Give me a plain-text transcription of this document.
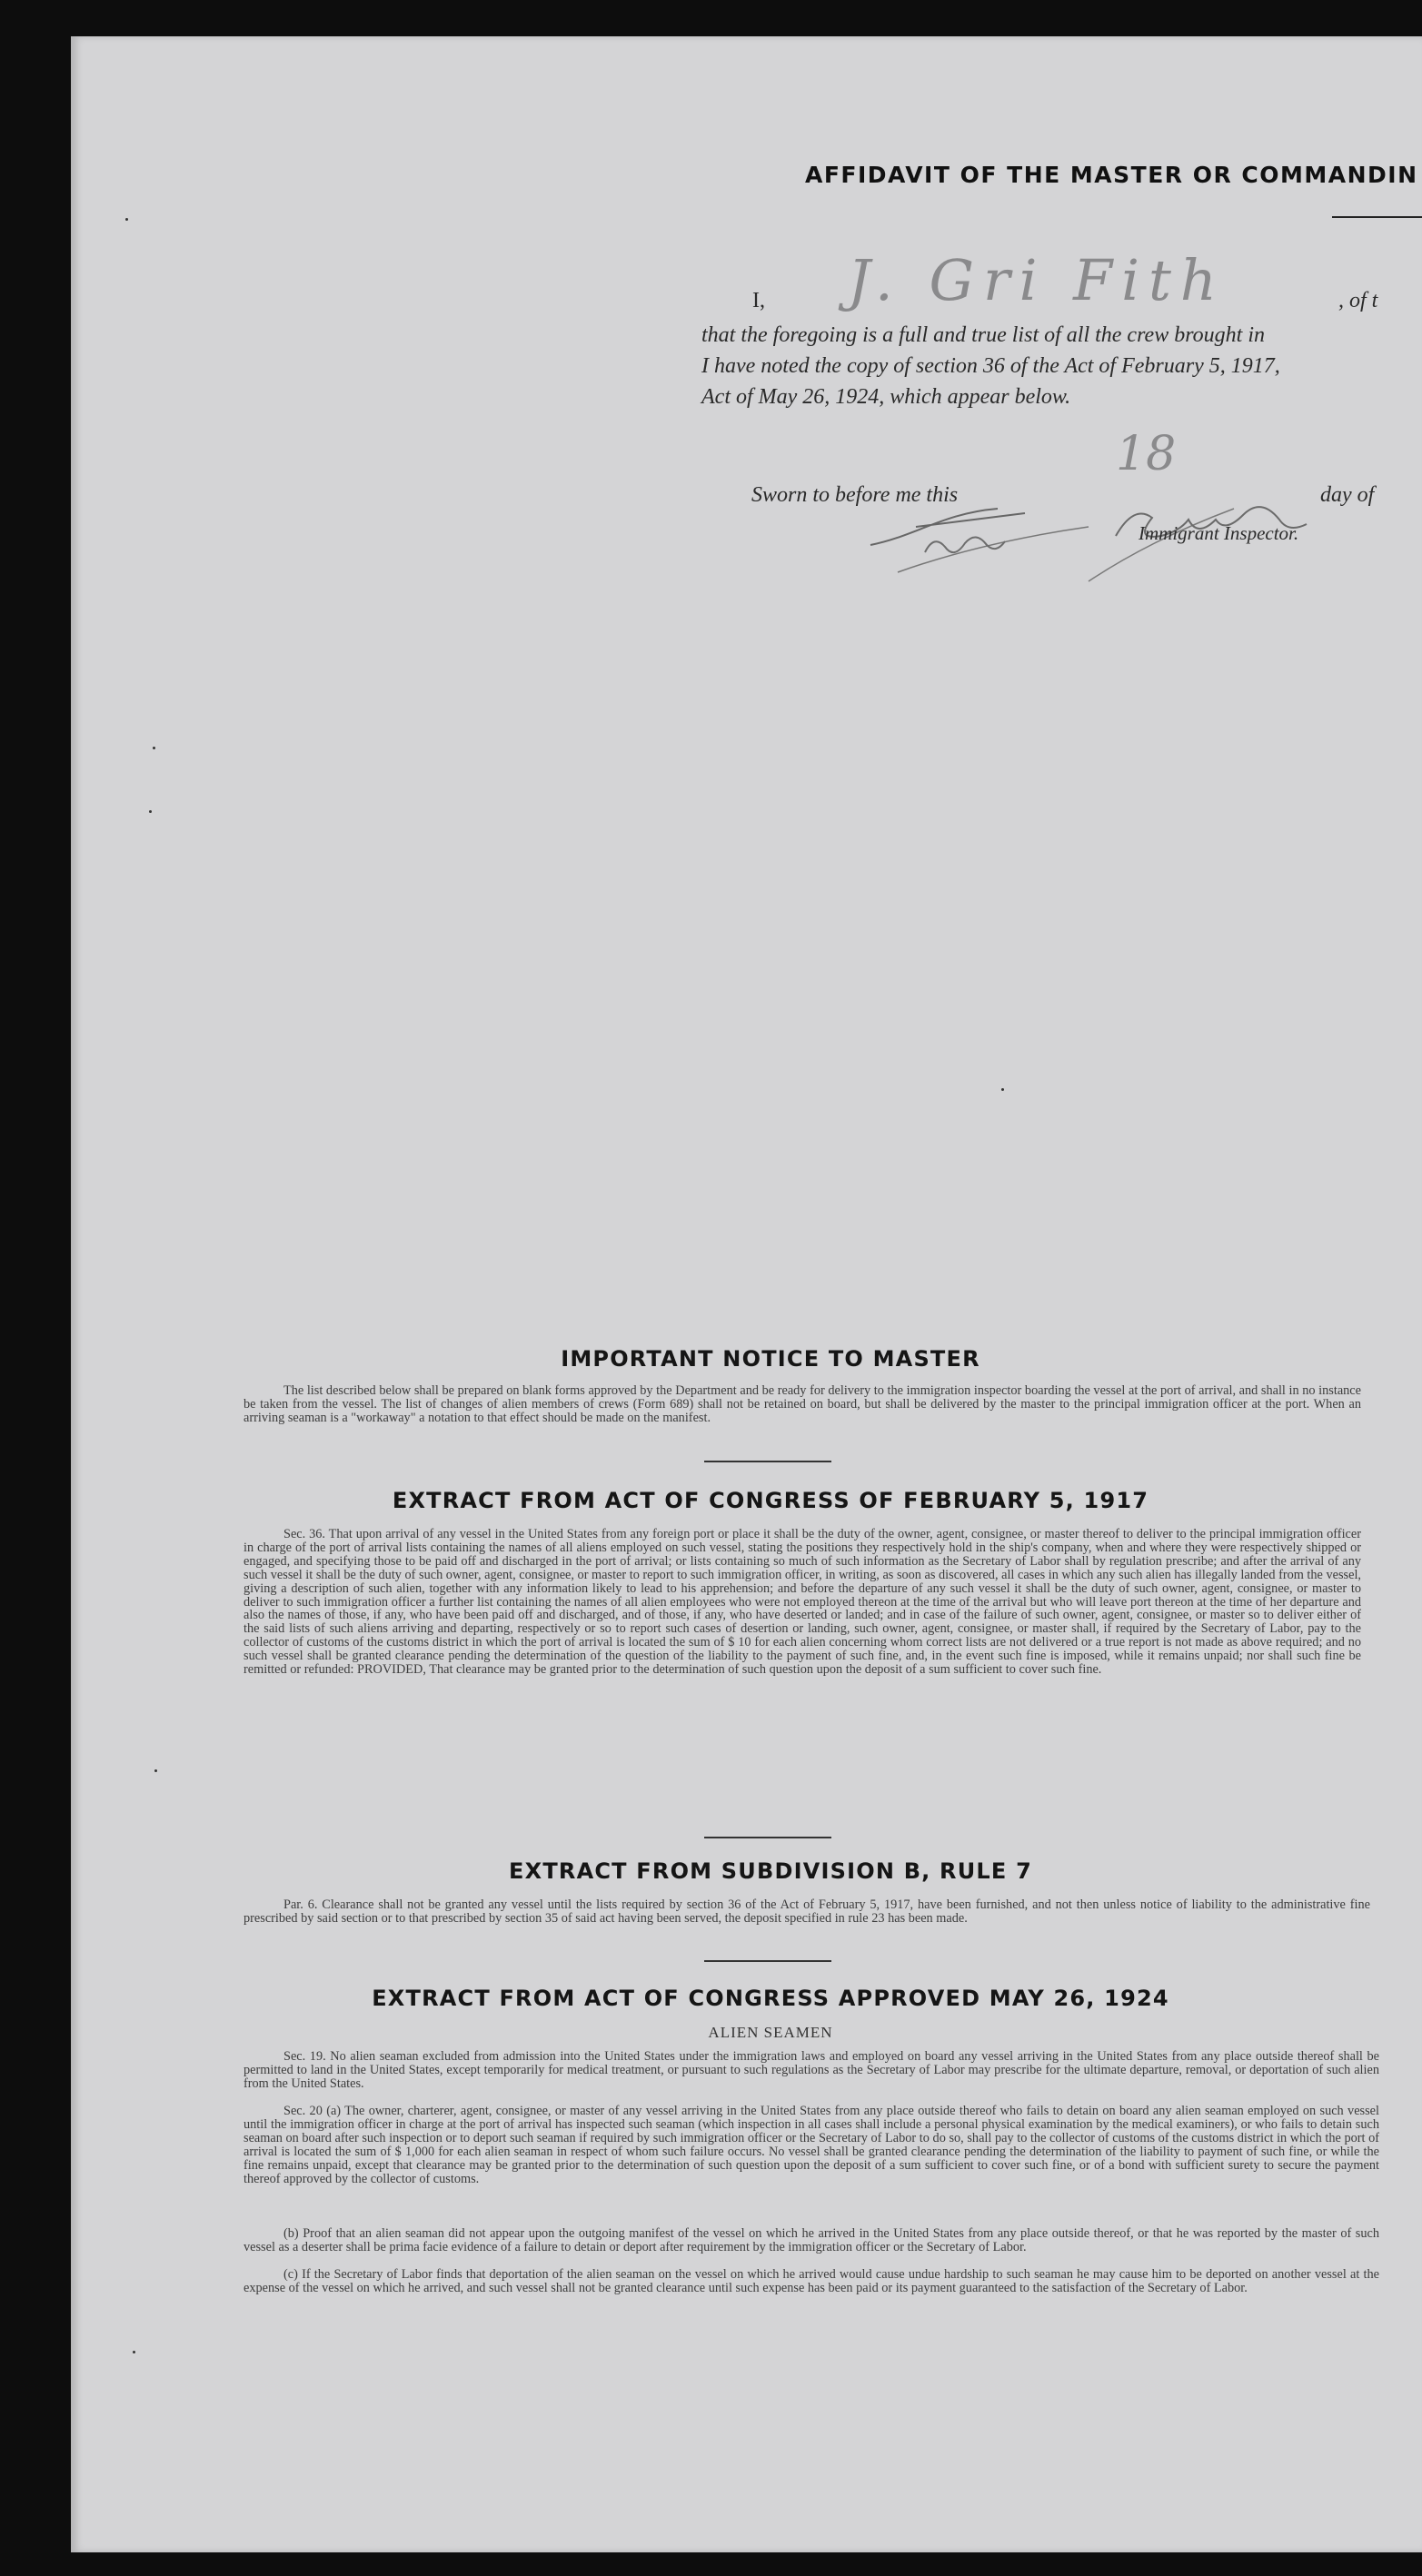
AFFIDAVIT OF THE MASTER OR COMMANDIN
I, J. Gri Fith	, of t
that the foregoing is a full and true list of all the crew brought in
I have noted the copy of section 36 of the Act of February 5, 1917,
Act of May 26, 1924, which appear below.
Sworn to before me this
18
day of
Egnor Sulan
Immigrant Inspector.
IMPORTANT NOTICE TO MASTER
The list described below shall be prepared on blank forms approved by the Department and be ready for delivery to the immigration inspector boarding the vessel at the port of arrival, and shall in no instance be taken from the vessel. The list of changes of alien members of crews (Form 689) shall not be retained on board, but shall be delivered by the master to the principal immigration officer at the port. When an arriving seaman is a "workaway" a notation to that effect should be made on the manifest.
EXTRACT FROM ACT OF CONGRESS OF FEBRUARY 5, 1917
Sec. 36. That upon arrival of any vessel in the United States from any foreign port or place it shall be the duty of the owner, agent, consignee, or master thereof to deliver to the principal immigration officer in charge of the port of arrival lists containing the names of all aliens employed on such vessel, stating the positions they respectively hold in the ship's company, when and where they were respectively shipped or engaged, and specifying those to be paid off and discharged in the port of arrival; or lists containing so much of such information as the Secretary of Labor shall by regulation prescribe; and after the arrival of any such vessel it shall be the duty of such owner, agent, consignee, or master to report to such immigration officer, in writing, as soon as discovered, all cases in which any such alien has illegally landed from the vessel, giving a description of such alien, together with any information likely to lead to his apprehension; and before the departure of any such vessel it shall be the duty of such owner, agent, consignee, or master to deliver to such immigration officer a further list containing the names of all alien employees who were not employed thereon at the time of the arrival but who will leave port thereon at the time of her departure and also the names of those, if any, who have been paid off and discharged, and of those, if any, who have deserted or landed; and in case of the failure of such owner, agent, consignee, or master so to deliver either of the said lists of such aliens arriving and departing, respectively or so to report such cases of desertion or landing, such owner, agent, consignee, or master shall, if required by the Secretary of Labor, pay to the collector of customs of the customs district in which the port of arrival is located the sum of $ 10 for each alien concerning whom correct lists are not delivered or a true report is not made as above required; and no such vessel shall be granted clearance pending the determination of the question of the liability to the payment of such fine, and, in the event such fine is imposed, while it remains unpaid; nor shall such fine be remitted or refunded: PROVIDED, That clearance may be granted prior to the determination of such question upon the deposit of a sum sufficient to cover such fine.
EXTRACT FROM SUBDIVISION B, RULE 7
Par. 6. Clearance shall not be granted any vessel until the lists required by section 36 of the Act of February 5, 1917, have been furnished, and not then unless notice of liability to the administrative fine prescribed by said section or to that prescribed by section 35 of said act having been served, the deposit specified in rule 23 has been made.
EXTRACT FROM ACT OF CONGRESS APPROVED MAY 26, 1924
ALIEN SEAMEN
Sec. 19. No alien seaman excluded from admission into the United States under the immigration laws and employed on board any vessel arriving in the United States from any place outside thereof shall be permitted to land in the United States, except temporarily for medical treatment, or pursuant to such regulations as the Secretary of Labor may prescribe for the ultimate departure, removal, or deportation of such alien from the United States.
Sec. 20 (a) The owner, charterer, agent, consignee, or master of any vessel arriving in the United States from any place outside thereof who fails to detain on board any alien seaman employed on such vessel until the immigration officer in charge at the port of arrival has inspected such seaman (which inspection in all cases shall include a personal physical examination by the medical examiners), or who fails to detain such seaman on board after such inspection or to deport such seaman if required by such immigration officer or the Secretary of Labor to do so, shall pay to the collector of customs of the customs district in which the port of arrival is located the sum of $ 1,000 for each alien seaman in respect of whom such failure occurs. No vessel shall be granted clearance pending the determination of the liability to payment of such fine, or while the fine remains unpaid, except that clearance may be granted prior to the determination of such question upon the deposit of a sum sufficient to cover such fine, or of a bond with sufficient surety to secure the payment thereof approved by the collector of customs.
(b) Proof that an alien seaman did not appear upon the outgoing manifest of the vessel on which he arrived in the United States from any place outside thereof, or that he was reported by the master of such vessel as a deserter shall be prima facie evidence of a failure to detain or deport after requirement by the immigration officer or the Secretary of Labor.
(c) If the Secretary of Labor finds that deportation of the alien seaman on the vessel on which he arrived would cause undue hardship to such seaman he may cause him to be deported on another vessel at the expense of the vessel on which he arrived, and such vessel shall not be granted clearance until such expense has been paid or its payment guaranteed to the satisfaction of the Secretary of Labor.
